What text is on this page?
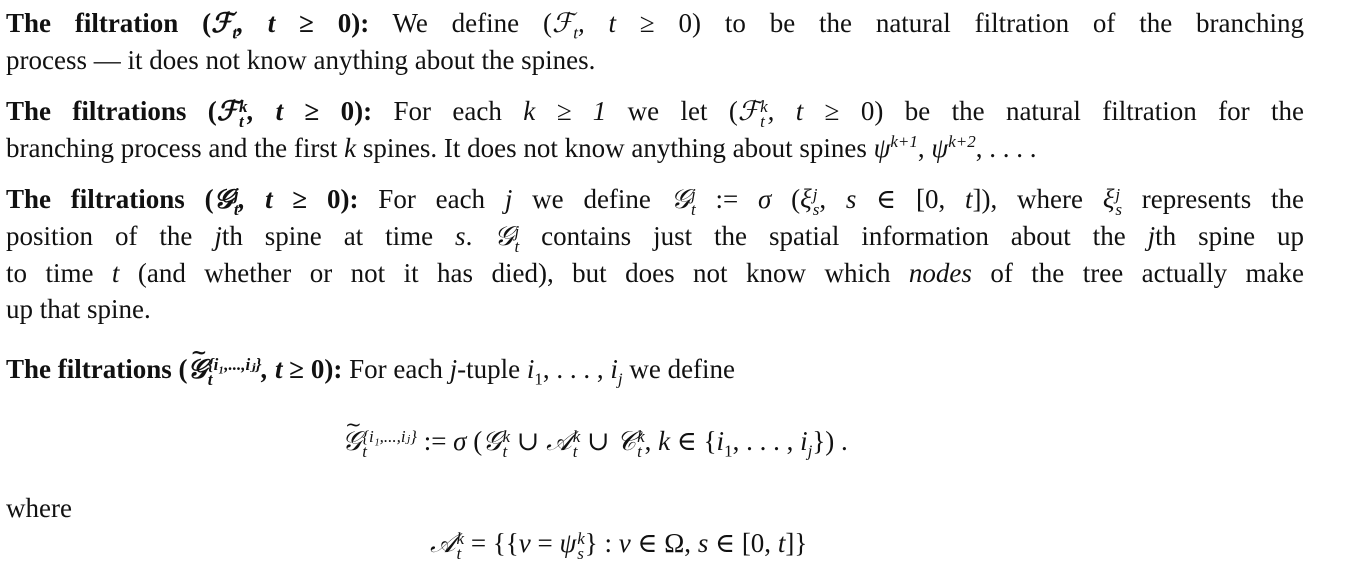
The filtration (ℱ$_t$, t ≥ 0): We define (ℱ$_t$, t ≥ 0) to be the natural filtration of the branching
process — it does not know anything about the spines.
The filtrations (ℱ k
t , t ≥ 0): For each k ≥ 1 we let (ℱ k
t , t ≥ 0) be the natural filtration for the
branching process and the first k spines. It does not know anything about spines $\psi^{k+1}$, $\psi^{k+2}$, . . . .
The filtrations (𝒢 j
t , t ≥ 0): For each j we define 𝒢 j
t := σ (ξ j
s , s ∈ [0, t]), where ξ j
s represents the
position of the jth spine at time s. 𝒢 j
t contains just the spatial information about the jth spine up
to time t (and whether or not it has died), but does not know which nodes of the tree actually make
up that spine.
The filtrations (~ 𝒢 {i₁,...,iⱼ}
t	, t ≥ 0): For each j-tuple $i_1$, . . . , $i_j$ we define
~ 𝒢 {i₁,...,iⱼ}
t	:= σ (𝒢 k
t ∪ 𝒜 k
t ∪ 𝒞 k
t , k ∈ {$i_1$, . . . , $i_j$}) .
where
𝒜 k
t = {{v = ψ k
s } : v ∈ Ω, s ∈ [0, t]}
